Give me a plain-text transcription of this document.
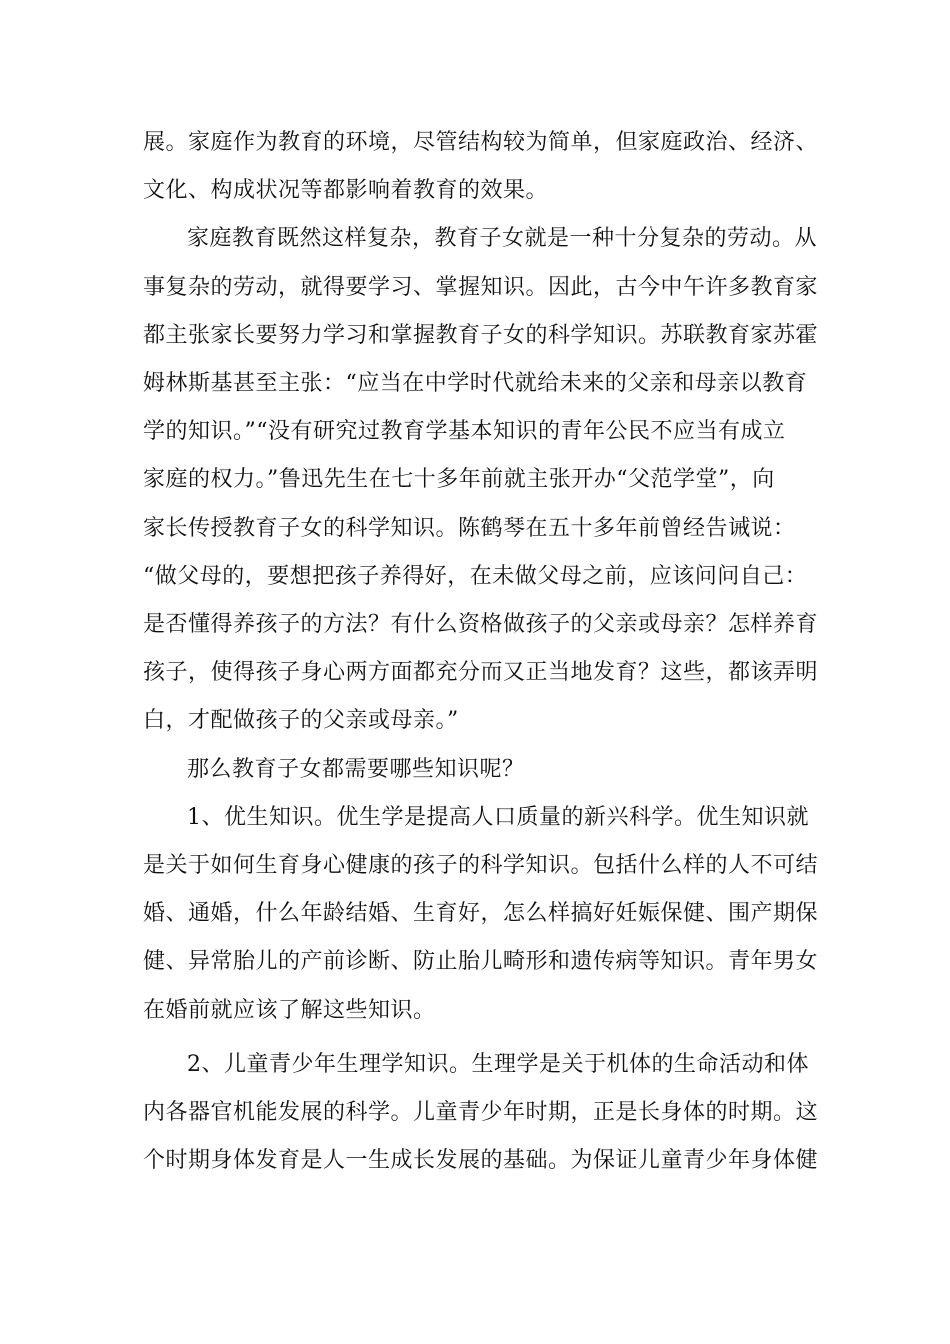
展。家庭作为教育的环境，尽管结构较为简单，但家庭政治、经济、
文化、构成状况等都影响着教育的效果。

家庭教育既然这样复杂，教育子女就是一种十分复杂的劳动。从
事复杂的劳动，就得要学习、掌握知识。因此，古今中午许多教育家
都主张家长要努力学习和掌握教育子女的科学知识。苏联教育家苏霍
姆林斯基甚至主张：“应当在中学时代就给未来的父亲和母亲以教育
学的知识。”“没有研究过教育学基本知识的青年公民不应当有成立
家庭的权力。”鲁迅先生在七十多年前就主张开办“父范学堂”，向
家长传授教育子女的科学知识。陈鹤琴在五十多年前曾经告诫说：
“做父母的，要想把孩子养得好，在未做父母之前，应该问问自己：
是否懂得养孩子的方法？有什么资格做孩子的父亲或母亲？怎样养育
孩子，使得孩子身心两方面都充分而又正当地发育？这些，都该弄明
白，才配做孩子的父亲或母亲。”

那么教育子女都需要哪些知识呢？

1、优生知识。优生学是提高人口质量的新兴科学。优生知识就
是关于如何生育身心健康的孩子的科学知识。包括什么样的人不可结
婚、通婚，什么年龄结婚、生育好，怎么样搞好妊娠保健、围产期保
健、异常胎儿的产前诊断、防止胎儿畸形和遗传病等知识。青年男女
在婚前就应该了解这些知识。

2、儿童青少年生理学知识。生理学是关于机体的生命活动和体
内各器官机能发展的科学。儿童青少年时期，正是长身体的时期。这
个时期身体发育是人一生成长发展的基础。为保证儿童青少年身体健
